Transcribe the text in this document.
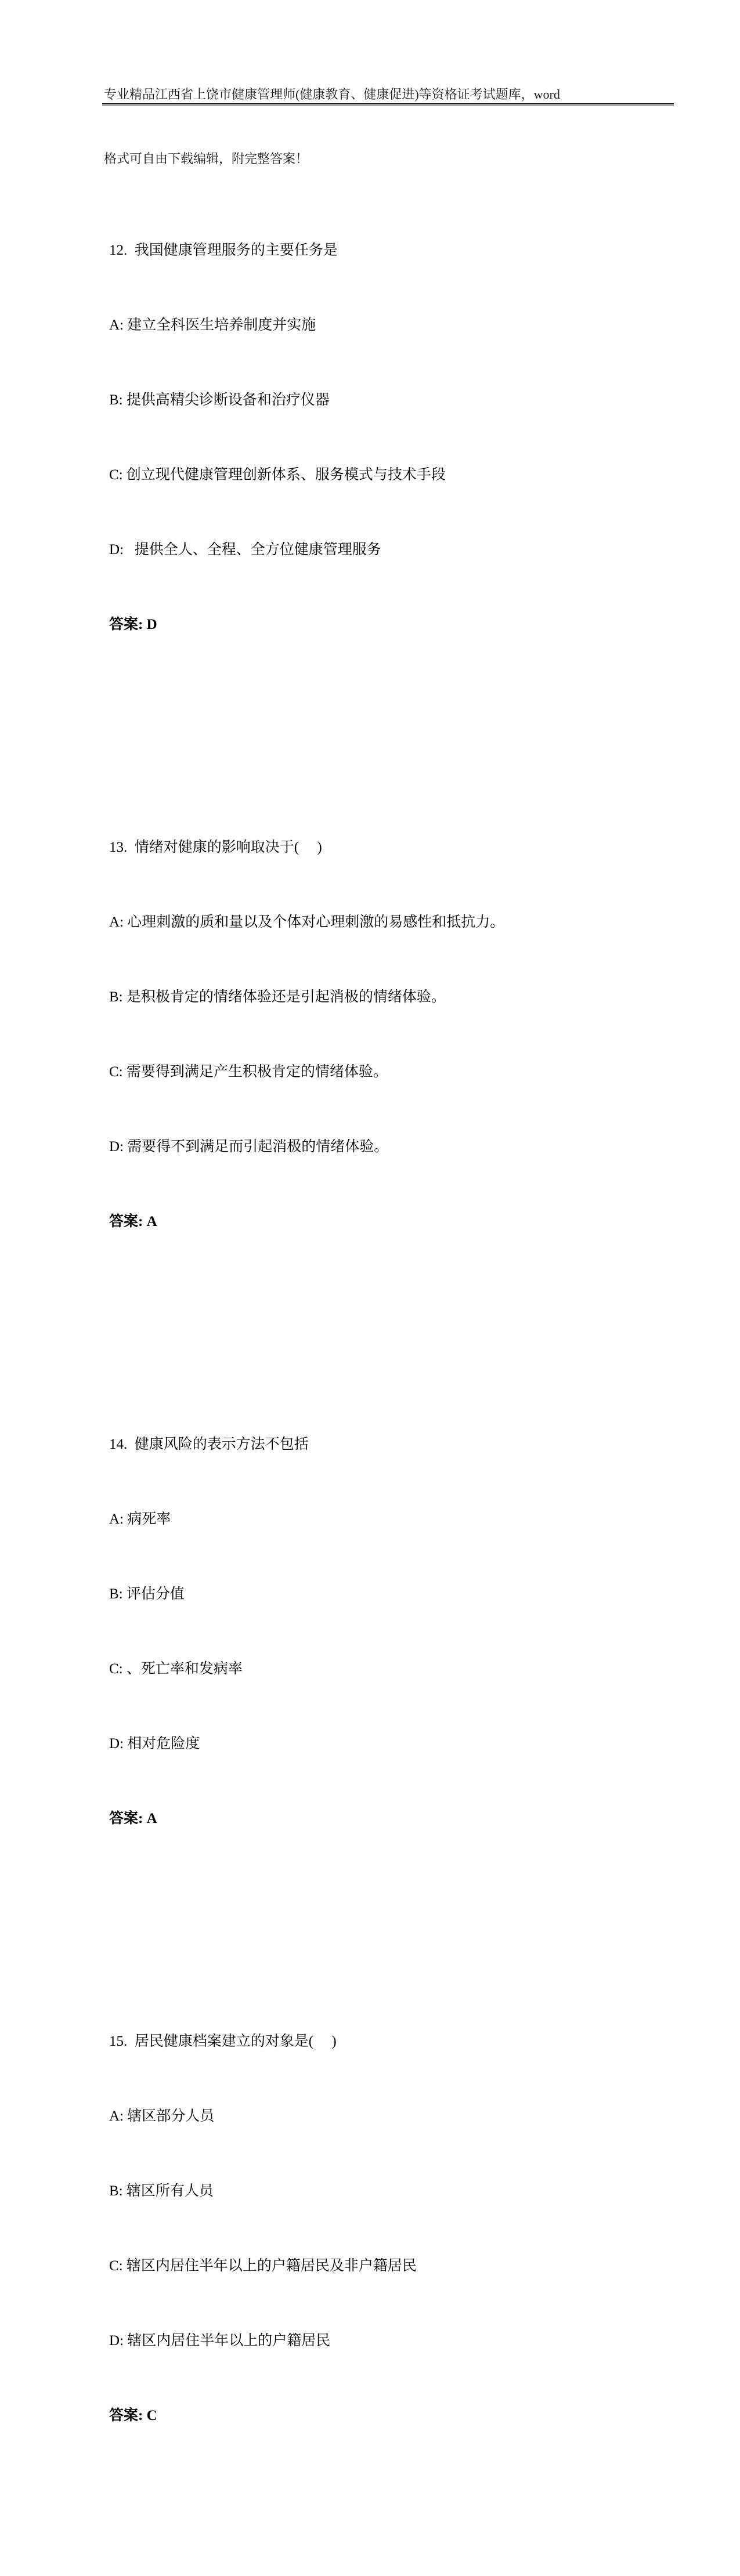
专业精品江西省上饶市健康管理师(健康教育、健康促进)等资格证考试题库，word

格式可自由下载编辑，附完整答案！

12.  我国健康管理服务的主要任务是

A: 建立全科医生培养制度并实施

B: 提供高精尖诊断设备和治疗仪器

C: 创立现代健康管理创新体系、服务模式与技术手段

D:   提供全人、全程、全方位健康管理服务

答案: D

13.  情绪对健康的影响取决于(     )

A: 心理刺激的质和量以及个体对心理刺激的易感性和抵抗力。

B: 是积极肯定的情绪体验还是引起消极的情绪体验。

C: 需要得到满足产生积极肯定的情绪体验。

D: 需要得不到满足而引起消极的情绪体验。

答案: A

14.  健康风险的表示方法不包括

A: 病死率

B: 评估分值

C: 、死亡率和发病率

D: 相对危险度

答案: A

15.  居民健康档案建立的对象是(     )

A: 辖区部分人员

B: 辖区所有人员

C: 辖区内居住半年以上的户籍居民及非户籍居民

D: 辖区内居住半年以上的户籍居民

答案: C
